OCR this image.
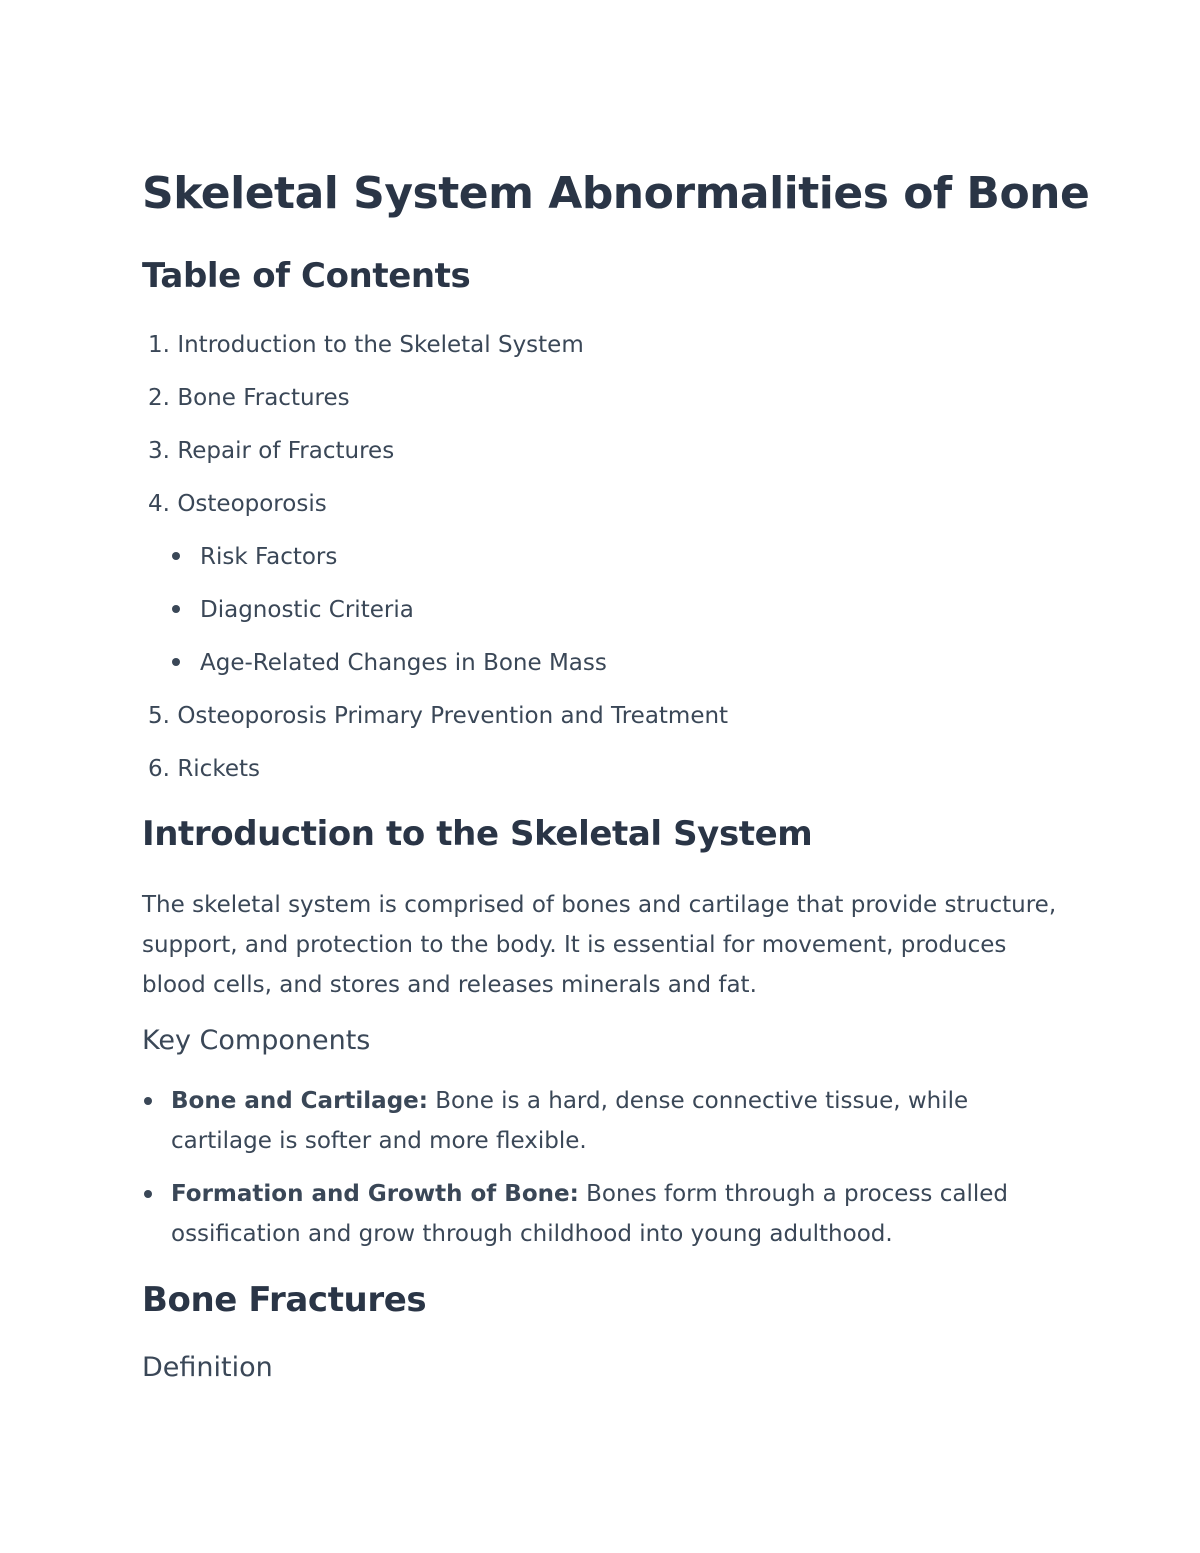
Skeletal System Abnormalities of Bone
Table of Contents
1. Introduction to the Skeletal System
2. Bone Fractures
3. Repair of Fractures
4. Osteoporosis
Risk Factors
Diagnostic Criteria
Age-Related Changes in Bone Mass
5. Osteoporosis Primary Prevention and Treatment
6. Rickets
Introduction to the Skeletal System

The skeletal system is comprised of bones and cartilage that provide structure, support, and protection to the body. It is essential for movement, produces blood cells, and stores and releases minerals and fat.

Key Components
Bone and Cartilage: Bone is a hard, dense connective tissue, while cartilage is softer and more flexible.
Formation and Growth of Bone: Bones form through a process called ossification and grow through childhood into young adulthood.
Bone Fractures
Definition
